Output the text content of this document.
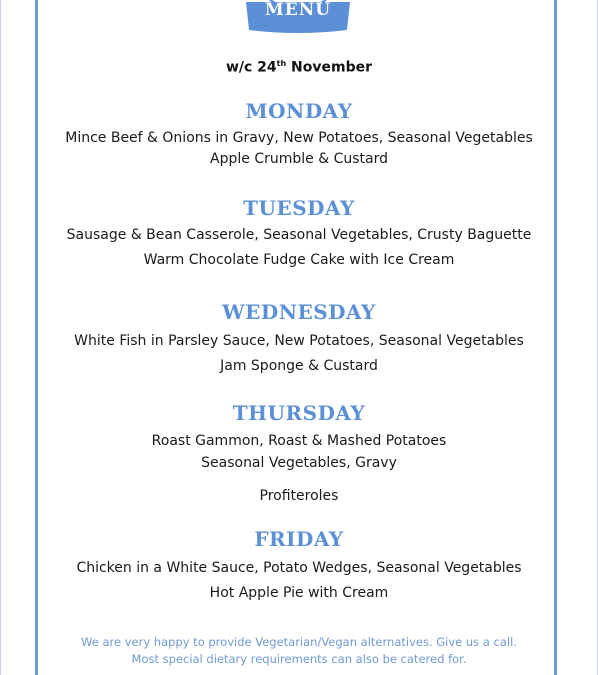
MENU
w/c 24th November
MONDAY
Mince Beef & Onions in Gravy, New Potatoes, Seasonal Vegetables
Apple Crumble & Custard
TUESDAY
Sausage & Bean Casserole, Seasonal Vegetables, Crusty Baguette
Warm Chocolate Fudge Cake with Ice Cream
WEDNESDAY
White Fish in Parsley Sauce, New Potatoes, Seasonal Vegetables
Jam Sponge & Custard
THURSDAY
Roast Gammon, Roast & Mashed Potatoes
Seasonal Vegetables, Gravy
Profiteroles
FRIDAY
Chicken in a White Sauce, Potato Wedges, Seasonal Vegetables
Hot Apple Pie with Cream
We are very happy to provide Vegetarian/Vegan alternatives. Give us a call.
Most special dietary requirements can also be catered for.
